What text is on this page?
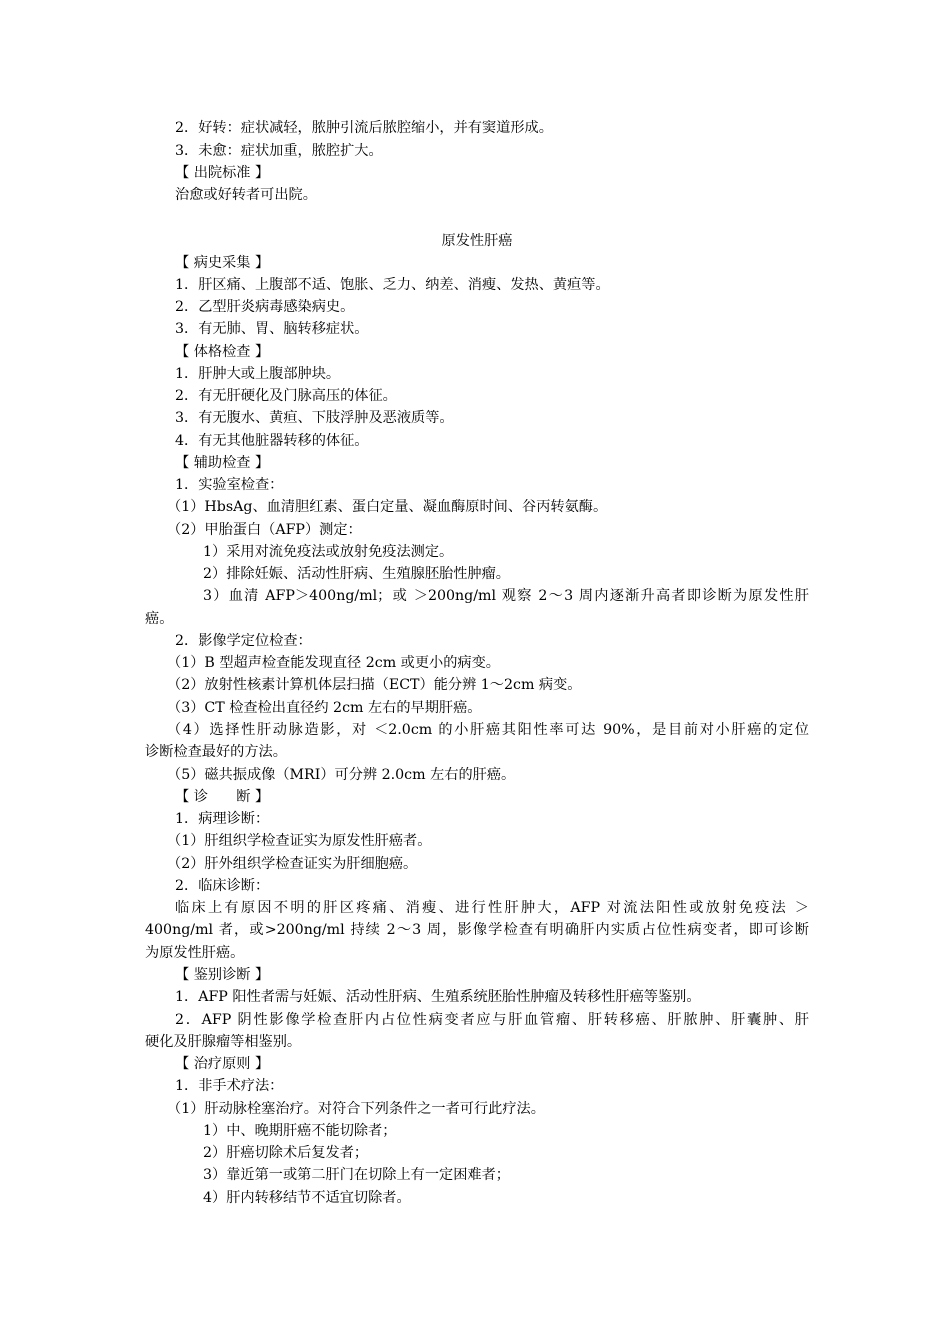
2．好转：症状减轻，脓肿引流后脓腔缩小，并有窦道形成。
3．未愈：症状加重，脓腔扩大。
【 出院标准 】
治愈或好转者可出院。
原发性肝癌
【 病史采集 】
1．肝区痛、上腹部不适、饱胀、乏力、纳差、消瘦、发热、黄疸等。
2．乙型肝炎病毒感染病史。
3．有无肺、胃、脑转移症状。
【 体格检查 】
1．肝肿大或上腹部肿块。
2．有无肝硬化及门脉高压的体征。
3．有无腹水、黄疸、下肢浮肿及恶液质等。
4．有无其他脏器转移的体征。
【 辅助检查 】
1．实验室检查：
（1）HbsAg、血清胆红素、蛋白定量、凝血酶原时间、谷丙转氨酶。
（2）甲胎蛋白（AFP）测定：
1）采用对流免疫法或放射免疫法测定。
2）排除妊娠、活动性肝病、生殖腺胚胎性肿瘤。
3）血清 AFP＞400ng/ml；或 ＞200ng/ml 观察 2～3 周内逐渐升高者即诊断为原发性肝
癌。
2．影像学定位检查：
（1）B 型超声检查能发现直径 2cm 或更小的病变。
（2）放射性核素计算机体层扫描（ECT）能分辨 1～2cm 病变。
（3）CT 检查检出直径约 2cm 左右的早期肝癌。
（4）选择性肝动脉造影，对 ＜2.0cm 的小肝癌其阳性率可达 90%，是目前对小肝癌的定位
诊断检查最好的方法。
（5）磁共振成像（MRI）可分辨 2.0cm 左右的肝癌。
【 诊　　断 】
1．病理诊断：
（1）肝组织学检查证实为原发性肝癌者。
（2）肝外组织学检查证实为肝细胞癌。
2．临床诊断：
临床上有原因不明的肝区疼痛、消瘦、进行性肝肿大，AFP 对流法阳性或放射免疫法 ＞
400ng/ml 者，或>200ng/ml 持续 2～3 周，影像学检查有明确肝内实质占位性病变者，即可诊断
为原发性肝癌。
【 鉴别诊断 】
1．AFP 阳性者需与妊娠、活动性肝病、生殖系统胚胎性肿瘤及转移性肝癌等鉴别。
2．AFP 阴性影像学检查肝内占位性病变者应与肝血管瘤、肝转移癌、肝脓肿、肝囊肿、肝
硬化及肝腺瘤等相鉴别。
【 治疗原则 】
1．非手术疗法：
（1）肝动脉栓塞治疗。对符合下列条件之一者可行此疗法。
1）中、晚期肝癌不能切除者；
2）肝癌切除术后复发者；
3）靠近第一或第二肝门在切除上有一定困难者；
4）肝内转移结节不适宜切除者。
